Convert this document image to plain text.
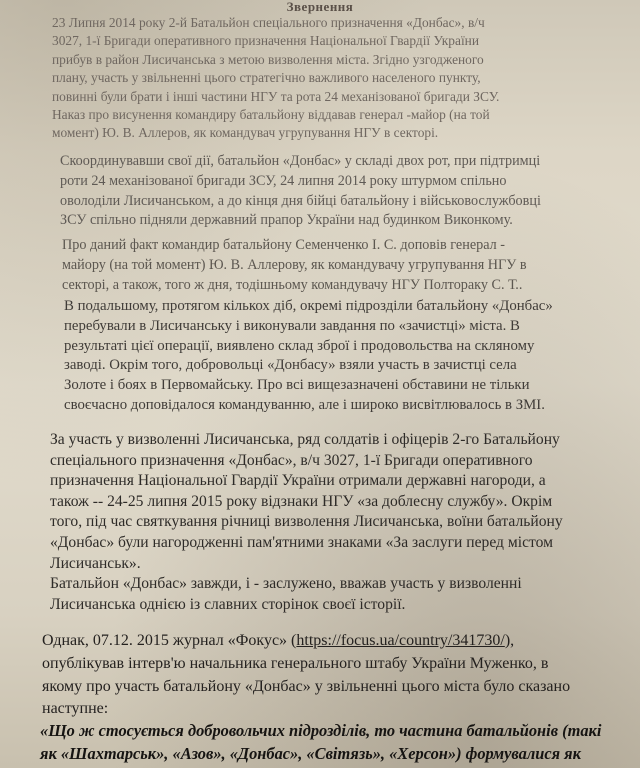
Звернення
23 Липня 2014 року 2-й Батальйон спеціального призначення «Донбас», в/ч
3027, 1-ї Бригади оперативного призначення Національної Гвардії України
прибув в район Лисичанська з метою визволення міста. Згідно узгодженого
плану, участь у звільненні цього стратегічно важливого населеного пункту,
повинні були брати і інші частини НГУ та рота 24 механізованої бригади ЗСУ.
Наказ про висунення командиру батальйону віддавав генерал -майор (на той
момент) Ю. В. Аллеров, як командувач угрупування НГУ в секторі.
Скоординувавши свої дії, батальйон «Донбас» у складі двох рот, при підтримці
роти 24 механізованої бригади ЗСУ, 24 липня 2014 року штурмом спільно
оволоділи Лисичанськом, а до кінця дня бійці батальйону і військовослужбовці
ЗСУ спільно підняли державний прапор України над будинком Виконкому.
Про даний факт командир батальйону Семенченко І. С. доповів генерал -
майору (на той момент) Ю. В. Аллерову, як командувачу угрупування НГУ в
секторі, а також, того ж дня, тодішньому командувачу НГУ Полтораку С. Т..
В подальшому, протягом кількох діб, окремі підрозділи батальйону «Донбас»
перебували в Лисичанську і виконували завдання по «зачистці» міста. В
результаті цієї операції, виявлено склад зброї і продовольства на скляному
заводі. Окрім того, добровольці «Донбасу» взяли участь в зачистці села
Золоте і боях в Первомайську. Про всі вищезазначені обставини не тільки
своєчасно доповідалося командуванню, але і широко висвітлювалось в ЗМІ.
За участь у визволенні Лисичанська, ряд солдатів і офіцерів 2-го Батальйону
спеціального призначення «Донбас», в/ч 3027, 1-ї Бригади оперативного
призначення Національної Гвардії України отримали державні нагороди, а
також -- 24-25 липня 2015 року відзнаки НГУ «за доблесну службу». Окрім
того, під час святкування річниці визволення Лисичанська, воїни батальйону
«Донбас» були нагородженні пам'ятними знаками «За заслуги перед містом
Лисичанськ».
Батальйон «Донбас» завжди, і - заслужено, вважав участь у визволенні
Лисичанська однією із славних сторінок своєї історії.
Однак, 07.12. 2015 журнал «Фокус» (https://focus.ua/country/341730/),
опублікував інтерв'ю начальника генерального штабу України Муженко, в
якому про участь батальйону «Донбас» у звільненні цього міста було сказано
наступне:
«Що ж стосується добровольчих підрозділів, то частина батальйонів (такі
як «Шахтарськ», «Азов», «Донбас», «Світязь», «Херсон») формувалися як
